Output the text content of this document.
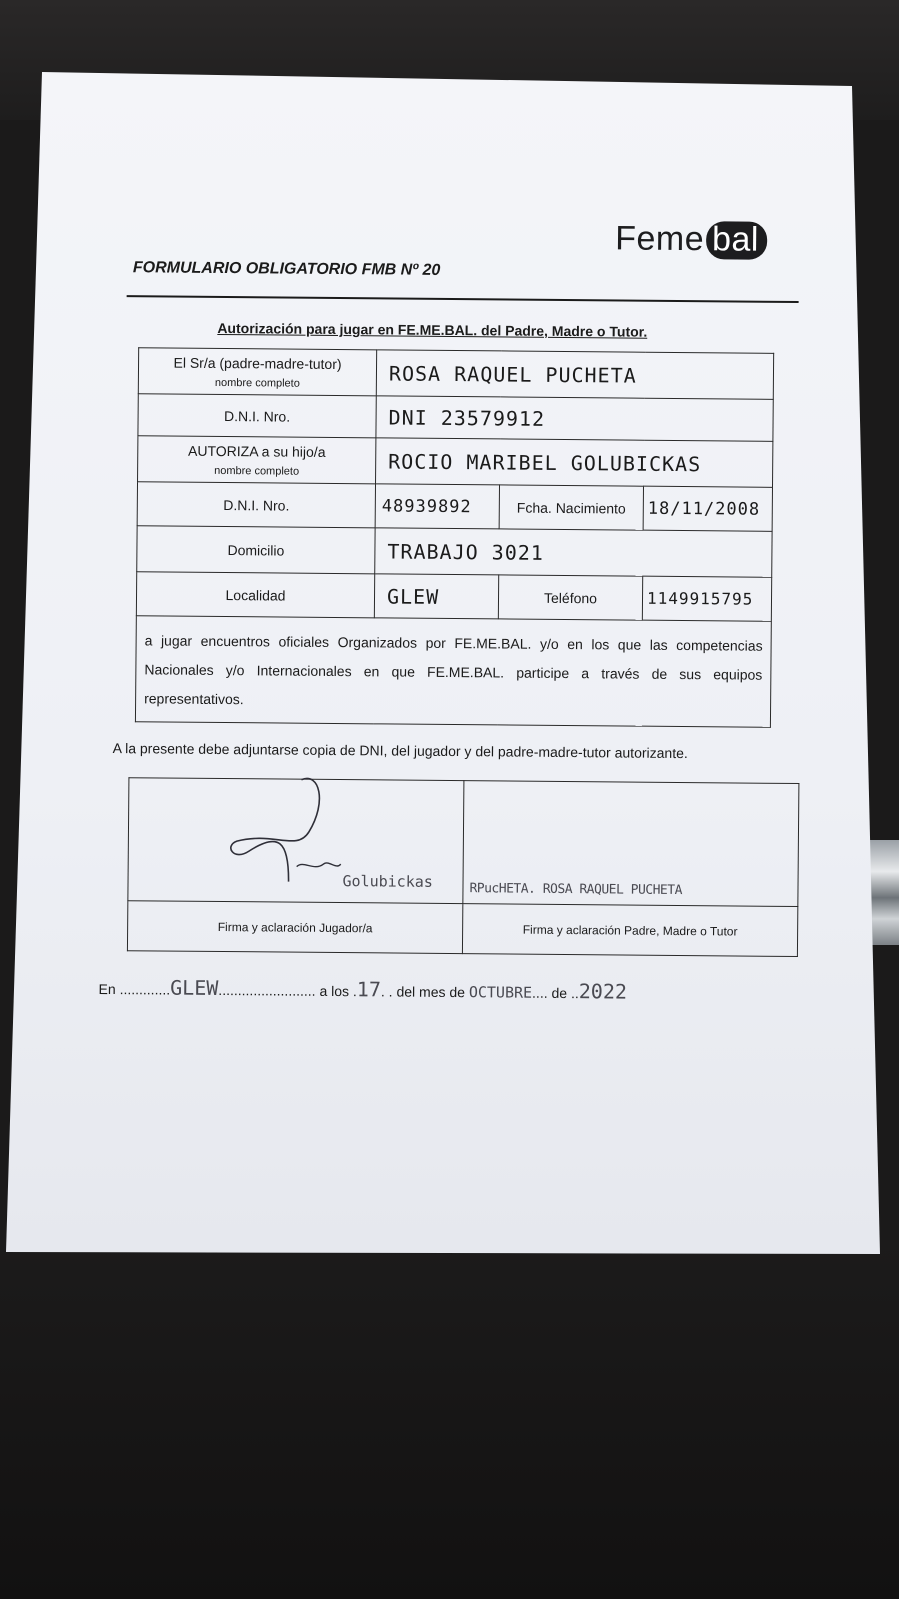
Feme bal
FORMULARIO OBLIGATORIO FMB Nº 20
Autorización para jugar en FE.ME.BAL. del Padre, Madre o Tutor.
El Sr/a (padre-madre-tutor)
nombre completo	ROSA RAQUEL PUCHETA		
D.N.I. Nro.	DNI 23579912		

AUTORIZA a su hijo/a
nombre completo	ROCIO MARIBEL GOLUBICKAS		
D.N.I. Nro.	48939892	Fcha. Nacimiento	18/11/2008
Domicilio	TRABAJO 3021		
Localidad	GLEW	Teléfono	1149915795
a jugar encuentros oficiales Organizados por FE.ME.BAL. y/o en los que las competencias Nacionales y/o Internacionales en que FE.ME.BAL. participe a través de sus equipos representativos.			
A la presente debe adjuntarse copia de DNI, del jugador y del padre-madre-tutor autorizante.
Golubickas	RPucHETA. ROSA RAQUEL PUCHETA

Firma y aclaración Jugador/a	Firma y aclaración Padre, Madre o Tutor
En .............GLEW......................... a los .17. . del mes de OCTUBRE.... de ..2022
